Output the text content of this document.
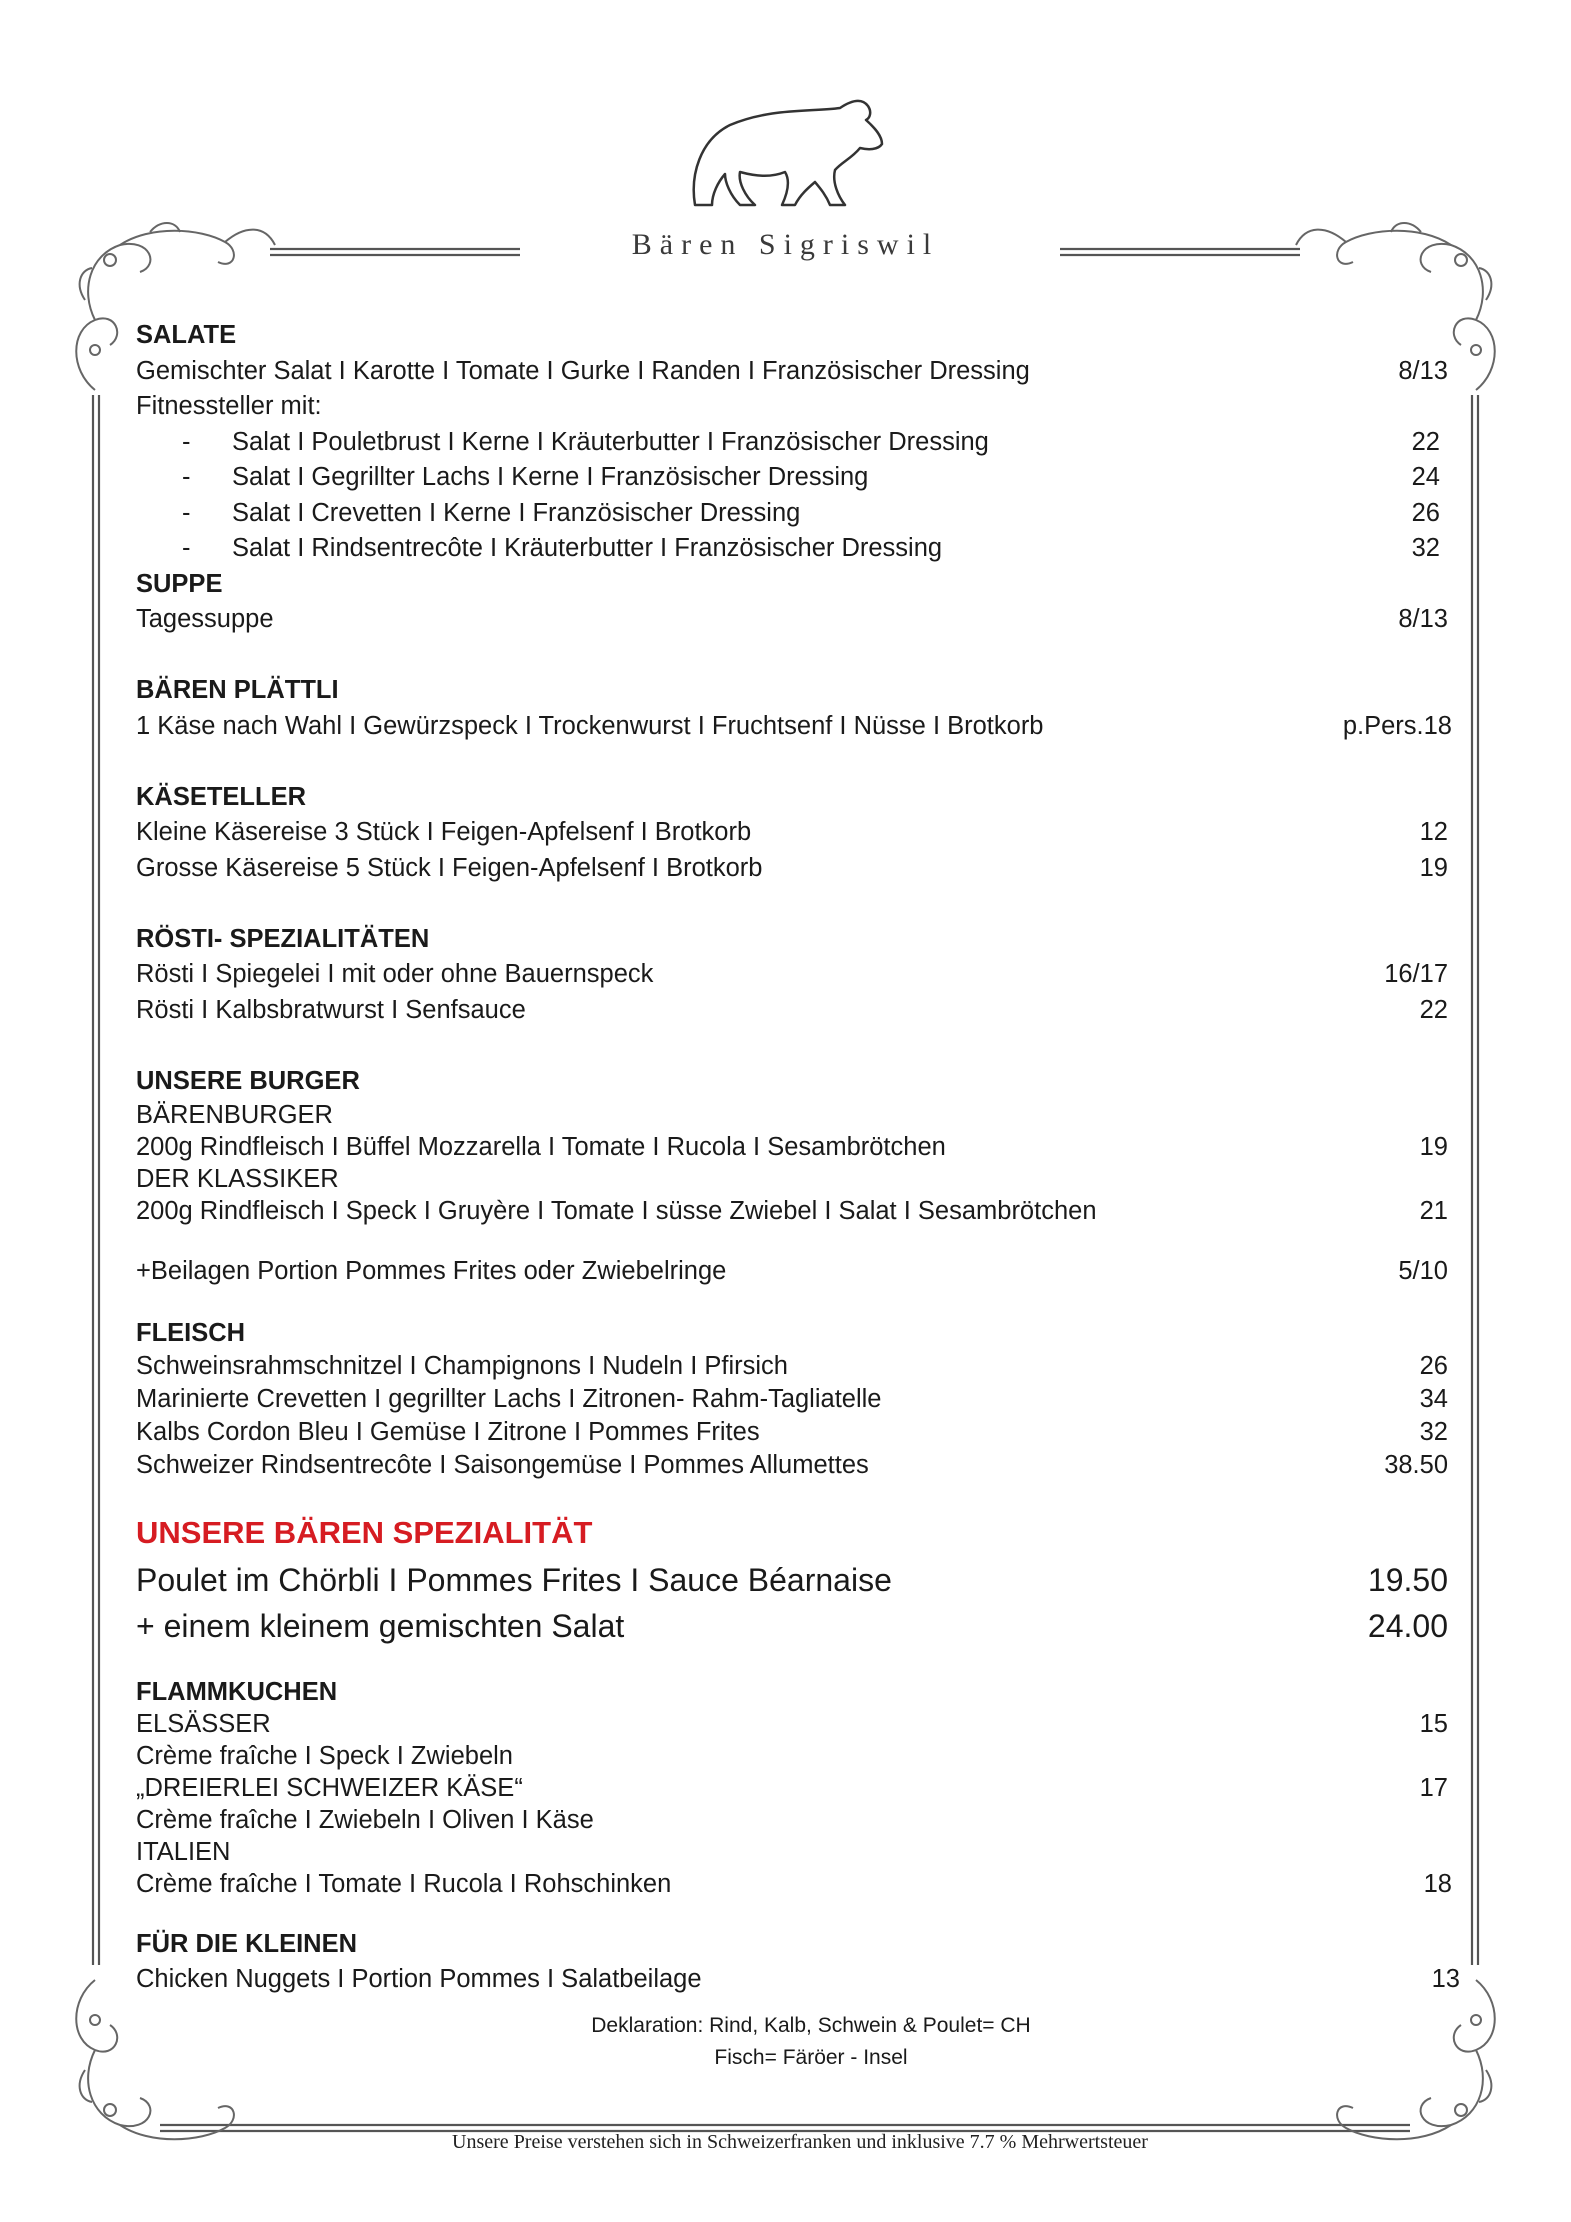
Bären Sigriswil
SALATE
Gemischter Salat I Karotte I Tomate I Gurke I Randen I Französischer Dressing	8/13
Fitnessteller mit:
- Salat I Pouletbrust I Kerne I Kräuterbutter I Französischer Dressing	22
- Salat I Gegrillter Lachs I Kerne I Französischer Dressing	24
- Salat I Crevetten I Kerne I Französischer Dressing	26
- Salat I Rindsentrecôte I Kräuterbutter I Französischer Dressing	32
SUPPE
Tagessuppe	8/13
BÄREN PLÄTTLI
1 Käse nach Wahl I Gewürzspeck I Trockenwurst I Fruchtsenf I Nüsse I Brotkorb	p.Pers.18
KÄSETELLER
Kleine Käsereise 3 Stück I Feigen-Apfelsenf I Brotkorb	12
Grosse Käsereise 5 Stück I Feigen-Apfelsenf I Brotkorb	19
RÖSTI- SPEZIALITÄTEN
Rösti I Spiegelei I mit oder ohne Bauernspeck	16/17
Rösti I Kalbsbratwurst I Senfsauce	22
UNSERE BURGER
BÄRENBURGER
200g Rindfleisch I Büffel Mozzarella I Tomate I Rucola I Sesambrötchen	19
DER KLASSIKER
200g Rindfleisch I Speck I Gruyère I Tomate I süsse Zwiebel I Salat I Sesambrötchen	21
+Beilagen Portion Pommes Frites oder Zwiebelringe	5/10
FLEISCH
Schweinsrahmschnitzel I Champignons I Nudeln I Pfirsich	26
Marinierte Crevetten I gegrillter Lachs I Zitronen- Rahm-Tagliatelle	34
Kalbs Cordon Bleu I Gemüse I Zitrone I Pommes Frites	32
Schweizer Rindsentrecôte I Saisongemüse I Pommes Allumettes	38.50
UNSERE BÄREN SPEZIALITÄT
Poulet im Chörbli I Pommes Frites I Sauce Béarnaise	19.50
+ einem kleinem gemischten Salat	24.00
FLAMMKUCHEN
ELSÄSSER	15
Crème fraîche I Speck I Zwiebeln
„DREIERLEI SCHWEIZER KÄSE“	17
Crème fraîche I Zwiebeln I Oliven I Käse
ITALIEN
Crème fraîche I Tomate I Rucola I Rohschinken	18
FÜR DIE KLEINEN
Chicken Nuggets I Portion Pommes I Salatbeilage	13
Deklaration: Rind, Kalb, Schwein & Poulet= CH
Fisch= Färöer - Insel
Unsere Preise verstehen sich in Schweizerfranken und inklusive 7.7 % Mehrwertsteuer
